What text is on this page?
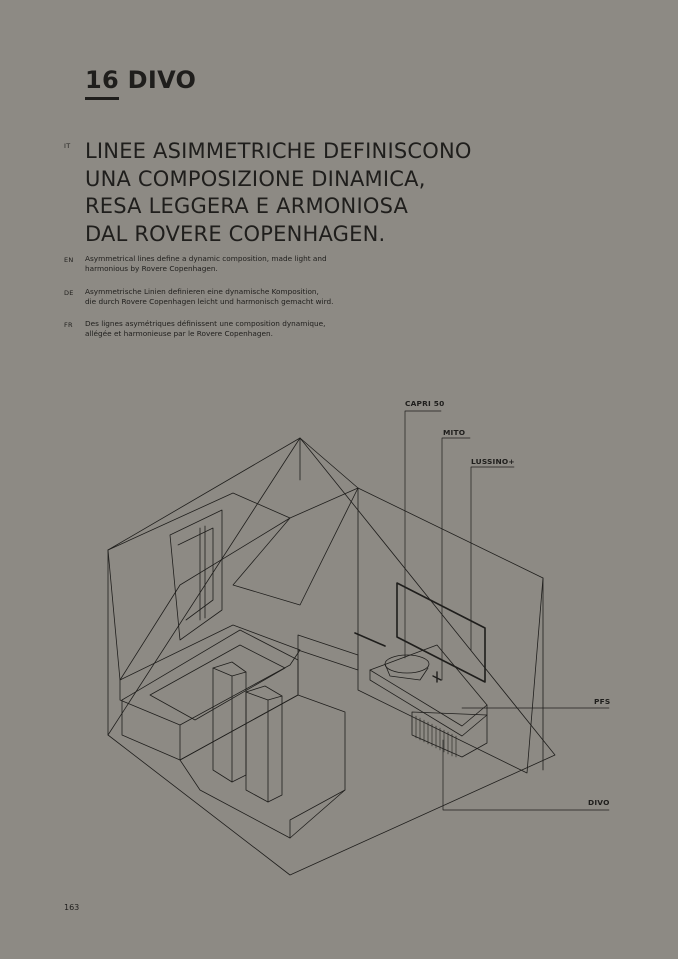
16 DIVO
IT LINEE ASIMMETRICHE DEFINISCONO
UNA COMPOSIZIONE DINAMICA,
RESA LEGGERA E ARMONIOSA
DAL ROVERE COPENHAGEN.
EN Asymmetrical lines define a dynamic composition, made light and
harmonious by Rovere Copenhagen.
DE Asymmetrische Linien definieren eine dynamische Komposition,
die durch Rovere Copenhagen leicht und harmonisch gemacht wird.
FR Des lignes asymétriques définissent une composition dynamique,
allégée et harmonieuse par le Rovere Copenhagen.
CAPRI 50
MITO
LUSSINO+
PFS
DIVO
163
